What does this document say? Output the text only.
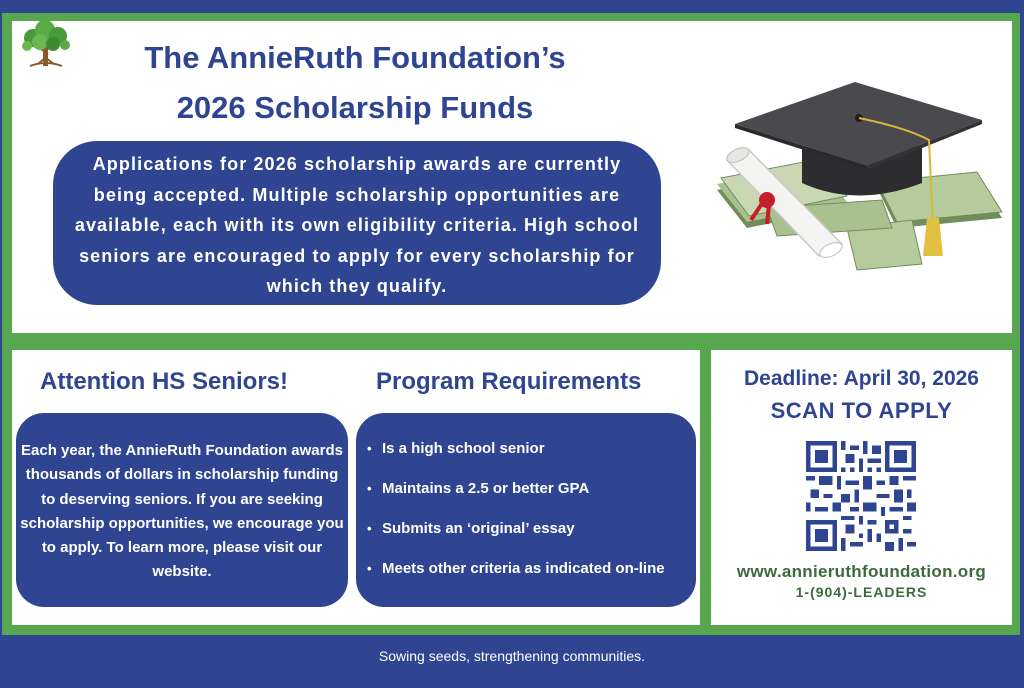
The AnnieRuth Foundation’s
2026 Scholarship Funds
Applications for 2026 scholarship awards are currently being accepted. Multiple scholarship opportunities are available, each with its own eligibility criteria. High school seniors are encouraged to apply for every scholarship for which they qualify.
Attention HS Seniors!
Each year, the AnnieRuth Foundation awards thousands of dollars in scholarship funding to deserving seniors. If you are seeking scholarship opportunities, we encourage you to apply. To learn more, please visit our website.
Program Requirements
• Is a high school senior
• Maintains a 2.5 or better GPA
• Submits an ‘original’ essay
• Meets other criteria as indicated on-line
Deadline: April 30, 2026
SCAN TO APPLY
www.annieruthfoundation.org
1-(904)-LEADERS
Sowing seeds, strengthening communities.
